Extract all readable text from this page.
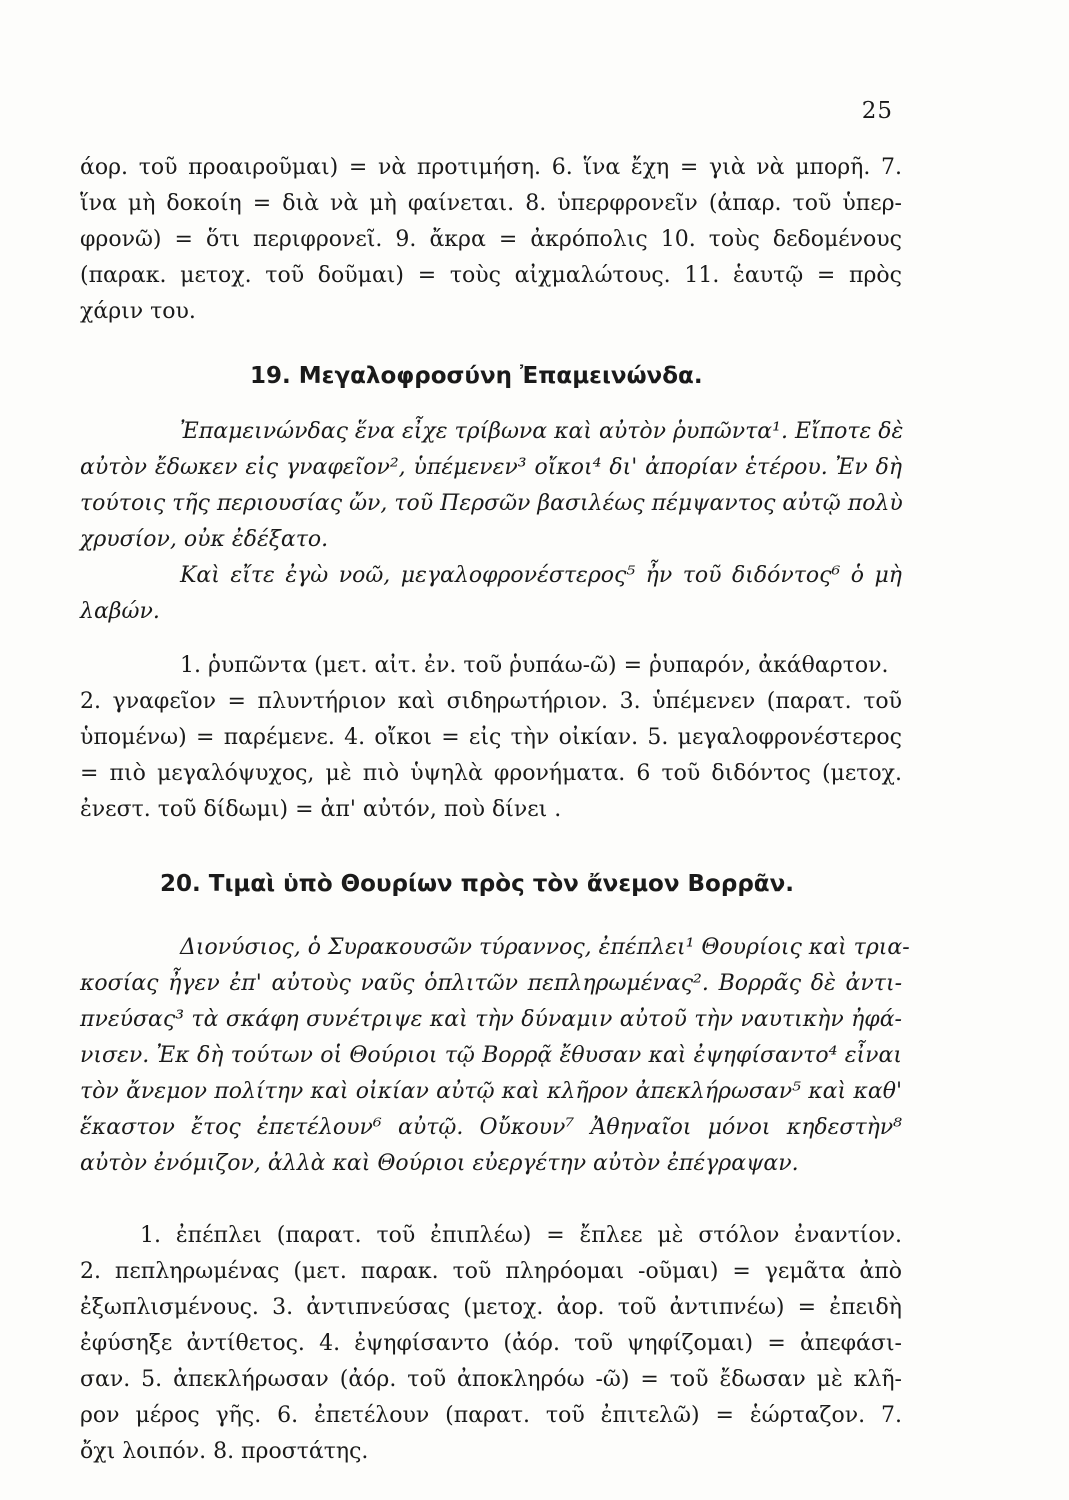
25
άορ. τοῦ προαιροῦμαι) = νὰ προτιμήση. 6. ἵνα ἔχη = γιὰ νὰ μπορῆ. 7.
ἵνα μὴ δοκοίη = διὰ νὰ μὴ φαίνεται. 8. ὑπερφρονεῖν (ἀπαρ. τοῦ ὑπερ-
φρονῶ) = ὅτι περιφρονεῖ. 9. ἄκρα = ἀκρόπολις 10. τοὺς δεδομένους
(παρακ. μετοχ. τοῦ δοῦμαι) = τοὺς αἰχμαλώτους. 11. ἑαυτῷ = πρὸς
χάριν του.
19. Μεγαλοφροσύνη Ἐπαμεινώνδα.
Ἐπαμεινώνδας ἕνα εἶχε τρίβωνα καὶ αὐτὸν ῥυπῶντα¹. Εἴποτε δὲ
αὐτὸν ἔδωκεν εἰς γναφεῖον², ὑπέμενεν³ οἴκοι⁴ δι' ἀπορίαν ἑτέρου. Ἐν δὴ
τούτοις τῆς περιουσίας ὤν, τοῦ Περσῶν βασιλέως πέμψαντος αὐτῷ πολὺ
χρυσίον, οὐκ ἐδέξατο.
Καὶ εἴτε ἐγὼ νοῶ, μεγαλοφρονέστερος⁵ ἦν τοῦ διδόντος⁶ ὁ μὴ
λαβών.
1. ῥυπῶντα (μετ. αἰτ. ἐν. τοῦ ῥυπάω-ῶ) = ῥυπαρόν, ἀκάθαρτον.
2. γναφεῖον = πλυντήριον καὶ σιδηρωτήριον. 3. ὑπέμενεν (παρατ. τοῦ
ὑπομένω) = παρέμενε. 4. οἴκοι = εἰς τὴν οἰκίαν. 5. μεγαλοφρονέστερος
= πιὸ μεγαλόψυχος, μὲ πιὸ ὑψηλὰ φρονήματα. 6 τοῦ διδόντος (μετοχ.
ἐνεστ. τοῦ δίδωμι) = ἀπ' αὐτόν, ποὺ δίνει .
20. Τιμαὶ ὑπὸ Θουρίων πρὸς τὸν ἄνεμον Βορρᾶν.
Διονύσιος, ὁ Συρακουσῶν τύραννος, ἐπέπλει¹ Θουρίοις καὶ τρια-
κοσίας ἦγεν ἐπ' αὐτοὺς ναῦς ὁπλιτῶν πεπληρωμένας². Βορρᾶς δὲ ἀντι-
πνεύσας³ τὰ σκάφη συνέτριψε καὶ τὴν δύναμιν αὐτοῦ τὴν ναυτικὴν ἠφά-
νισεν. Ἐκ δὴ τούτων οἱ Θούριοι τῷ Βορρᾷ ἔθυσαν καὶ ἐψηφίσαντο⁴ εἶναι
τὸν ἄνεμον πολίτην καὶ οἰκίαν αὐτῷ καὶ κλῆρον ἀπεκλήρωσαν⁵ καὶ καθ'
ἕκαστον ἔτος ἐπετέλουν⁶ αὐτῷ. Οὔκουν⁷ Ἀθηναῖοι μόνοι κηδεστὴν⁸
αὐτὸν ἐνόμιζον, ἀλλὰ καὶ Θούριοι εὐεργέτην αὐτὸν ἐπέγραψαν.
1. ἐπέπλει (παρατ. τοῦ ἐπιπλέω) = ἔπλεε μὲ στόλον ἐναντίον.
2. πεπληρωμένας (μετ. παρακ. τοῦ πληρόομαι -οῦμαι) = γεμᾶτα ἀπὸ
ἐξωπλισμένους. 3. ἀντιπνεύσας (μετοχ. ἀορ. τοῦ ἀντιπνέω) = ἐπειδὴ
ἐφύσηξε ἀντίθετος. 4. ἐψηφίσαντο (ἀόρ. τοῦ ψηφίζομαι) = ἀπεφάσι-
σαν. 5. ἀπεκλήρωσαν (ἀόρ. τοῦ ἀποκληρόω -ῶ) = τοῦ ἔδωσαν μὲ κλῆ-
ρον μέρος γῆς. 6. ἐπετέλουν (παρατ. τοῦ ἐπιτελῶ) = ἑώρταζον. 7.
ὄχι λοιπόν. 8. προστάτης.
